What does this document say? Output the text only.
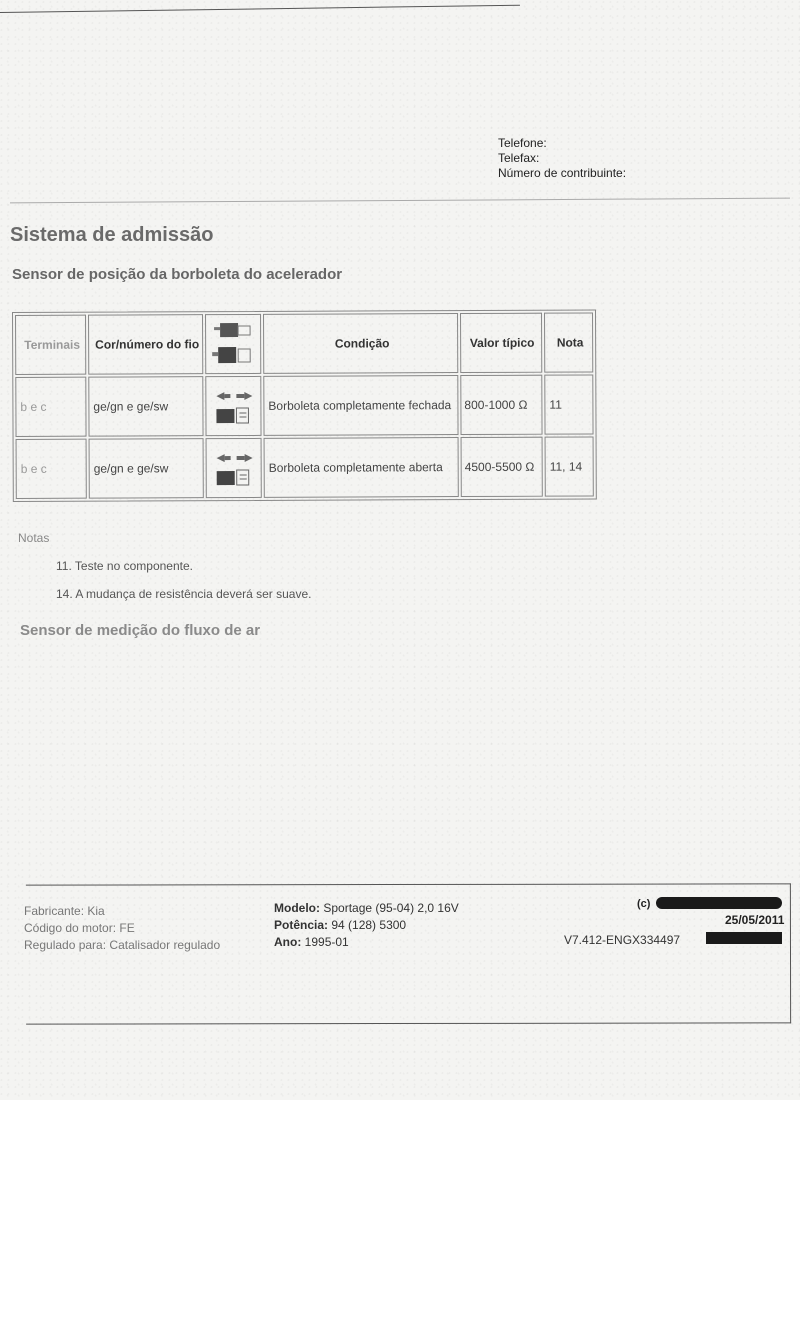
Telefone:
Telefax:
Número de contribuinte:
Sistema de admissão
Sensor de posição da borboleta do acelerador
Terminais	Cor/número do fio		Condição	Valor típico	Nota
b e c	ge/gn e ge/sw		Borboleta completamente fechada	800-1000 Ω	11
b e c	ge/gn e ge/sw		Borboleta completamente aberta	4500-5500 Ω	11, 14
Notas
11. Teste no componente.
14. A mudança de resistência deverá ser suave.
Sensor de medição do fluxo de ar
Fabricante: Kia
Código do motor: FE
Regulado para: Catalisador regulado
Modelo: Sportage (95-04) 2,0 16V
Potência: 94 (128) 5300
Ano: 1995-01
(c)
25/05/2011
V7.412-ENGX334497
